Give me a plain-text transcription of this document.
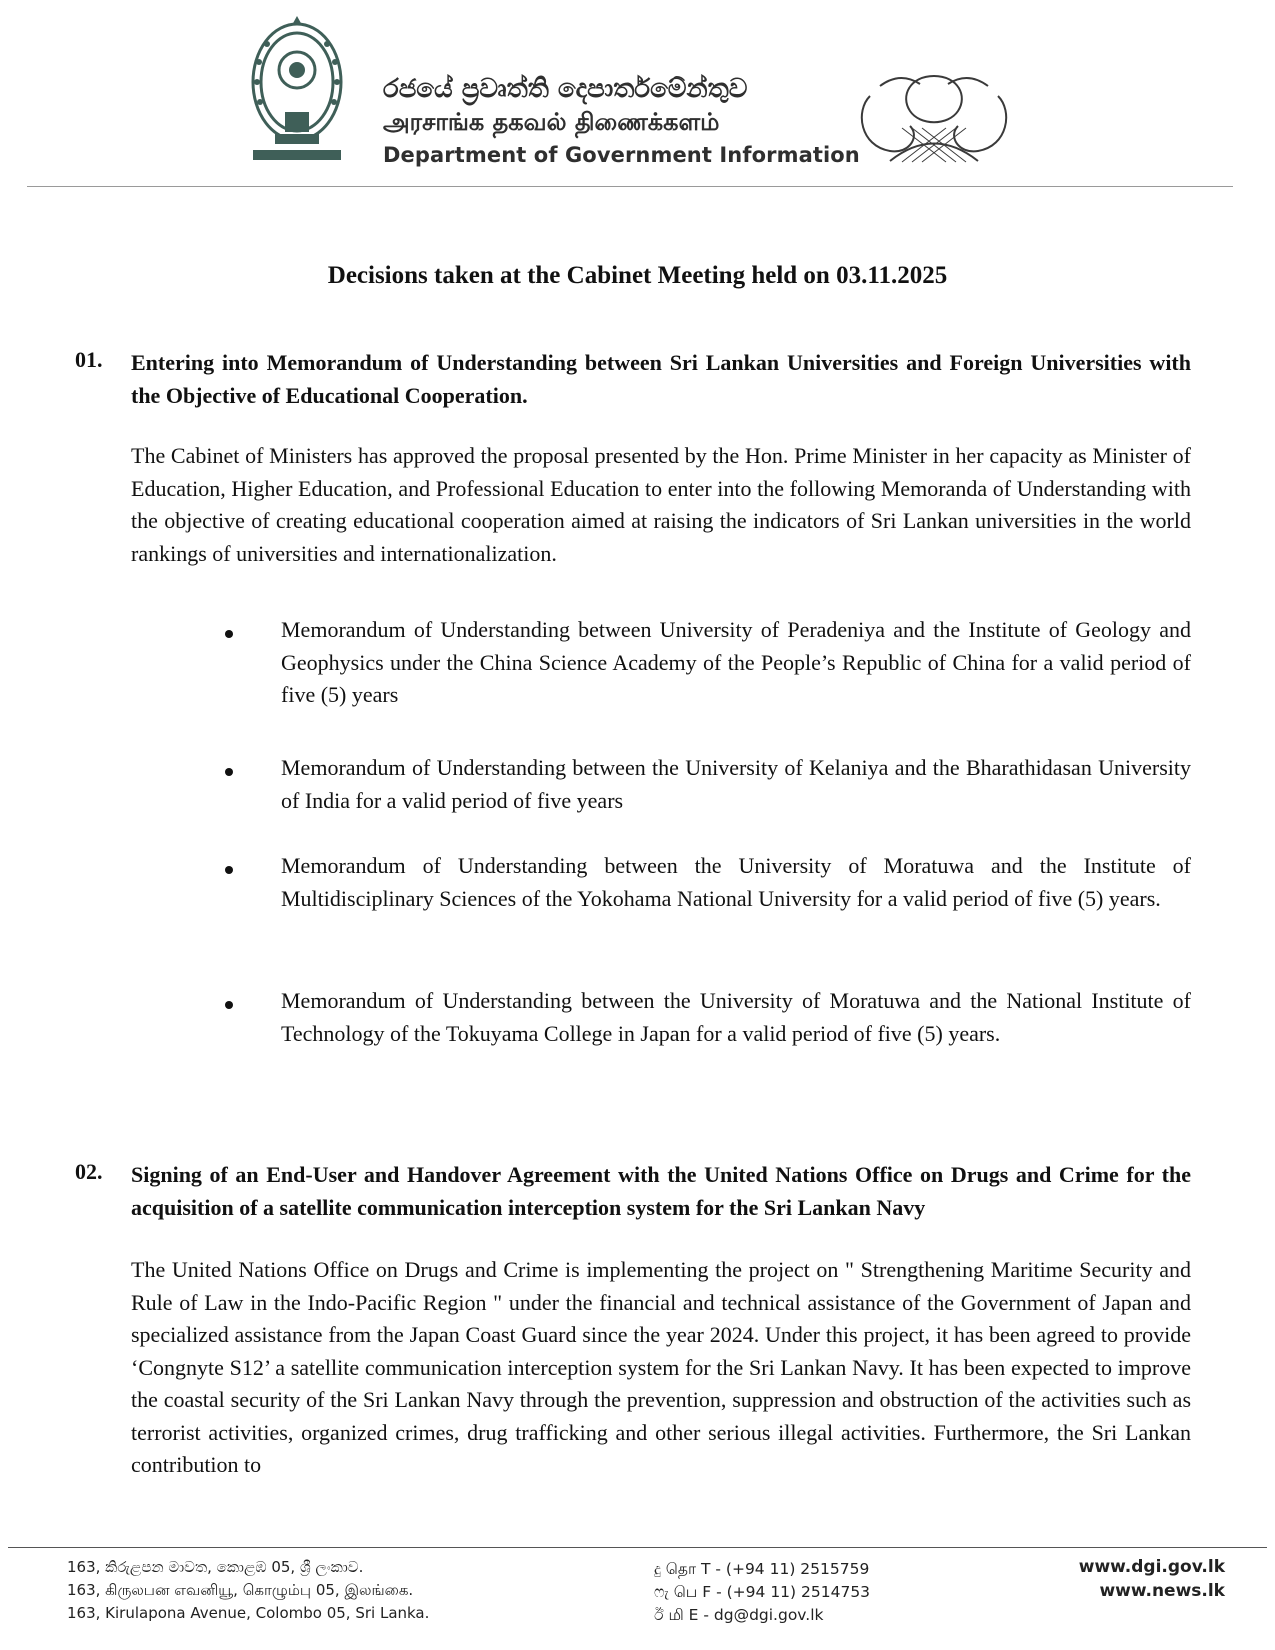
රජයේ ප්‍රවෘත්ති දෙපාර්තමේන්තුව
அரசாங்க தகவல் திணைக்களம்
Department of Government Information
Decisions taken at the Cabinet Meeting held on 03.11.2025
01. Entering into Memorandum of Understanding between Sri Lankan Universities and Foreign Universities with the Objective of Educational Cooperation.

The Cabinet of Ministers has approved the proposal presented by the Hon. Prime Minister in her capacity as Minister of Education, Higher Education, and Professional Education to enter into the following Memoranda of Understanding with the objective of creating educational cooperation aimed at raising the indicators of Sri Lankan universities in the world rankings of universities and internationalization.

Memorandum of Understanding between University of Peradeniya and the Institute of Geology and Geophysics under the China Science Academy of the People’s Republic of China for a valid period of five (5) years
Memorandum of Understanding between the University of Kelaniya and the Bharathidasan University of India for a valid period of five years
Memorandum of Understanding between the University of Moratuwa and the Institute of Multidisciplinary Sciences of the Yokohama National University for a valid period of five (5) years.
Memorandum of Understanding between the University of Moratuwa and the National Institute of Technology of the Tokuyama College in Japan for a valid period of five (5) years.
02. Signing of an End-User and Handover Agreement with the United Nations Office on Drugs and Crime for the acquisition of a satellite communication interception system for the Sri Lankan Navy

The United Nations Office on Drugs and Crime is implementing the project on " Strengthening Maritime Security and Rule of Law in the Indo-Pacific Region " under the financial and technical assistance of the Government of Japan and specialized assistance from the Japan Coast Guard since the year 2024. Under this project, it has been agreed to provide ‘Congnyte S12’ a satellite communication interception system for the Sri Lankan Navy. It has been expected to improve the coastal security of the Sri Lankan Navy through the prevention, suppression and obstruction of the activities such as terrorist activities, organized crimes, drug trafficking and other serious illegal activities. Furthermore, the Sri Lankan contribution to

163, කිරුළපන මාවත, කොළඹ 05, ශ්‍රී ලංකාව.
163, கிருலபன எவனியூ, கொழும்பு 05, இலங்கை.
163, Kirulapona Avenue, Colombo 05, Sri Lanka.
දු தொ T - (+94 11) 2515759
ෆැ பெ F - (+94 11) 2514753
ඊ மி E - dg@dgi.gov.lk
www.dgi.gov.lk
www.news.lk
